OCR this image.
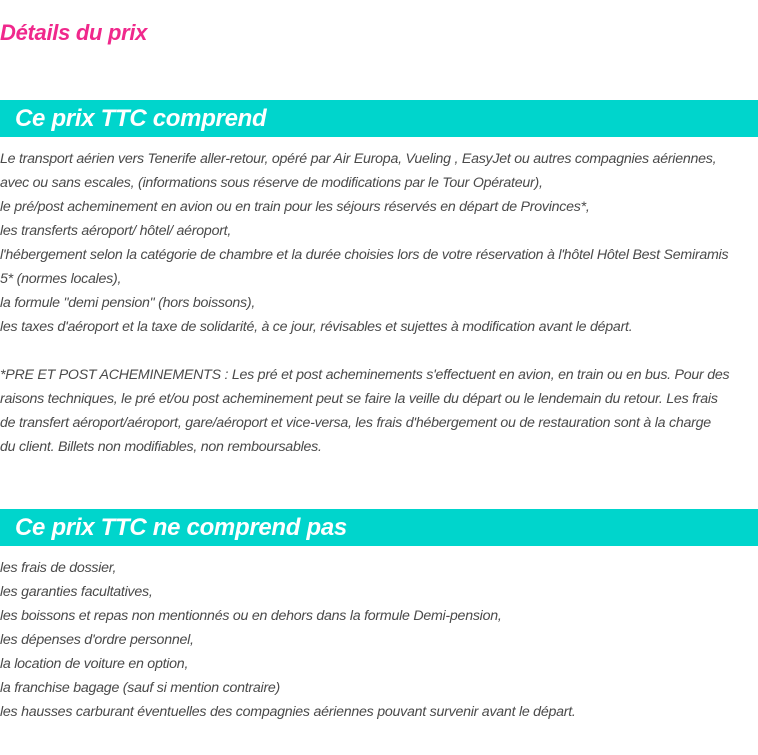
Détails du prix
Ce prix TTC comprend
Le transport aérien vers Tenerife aller-retour, opéré par Air Europa, Vueling , EasyJet ou autres compagnies aériennes,
avec ou sans escales, (informations sous réserve de modifications par le Tour Opérateur),
le pré/post acheminement en avion ou en train pour les séjours réservés en départ de Provinces*,
les transferts aéroport/ hôtel/ aéroport,
l'hébergement selon la catégorie de chambre et la durée choisies lors de votre réservation à l'hôtel Hôtel Best Semiramis
5* (normes locales),
la formule "demi pension" (hors boissons),
les taxes d'aéroport et la taxe de solidarité, à ce jour, révisables et sujettes à modification avant le départ.
*PRE ET POST ACHEMINEMENTS : Les pré et post acheminements s'effectuent en avion, en train ou en bus. Pour des
raisons techniques, le pré et/ou post acheminement peut se faire la veille du départ ou le lendemain du retour. Les frais
de transfert aéroport/aéroport, gare/aéroport et vice-versa, les frais d'hébergement ou de restauration sont à la charge
du client. Billets non modifiables, non remboursables.
Ce prix TTC ne comprend pas
les frais de dossier,
les garanties facultatives,
les boissons et repas non mentionnés ou en dehors dans la formule Demi-pension,
les dépenses d'ordre personnel,
la location de voiture en option,
la franchise bagage (sauf si mention contraire)
les hausses carburant éventuelles des compagnies aériennes pouvant survenir avant le départ.
